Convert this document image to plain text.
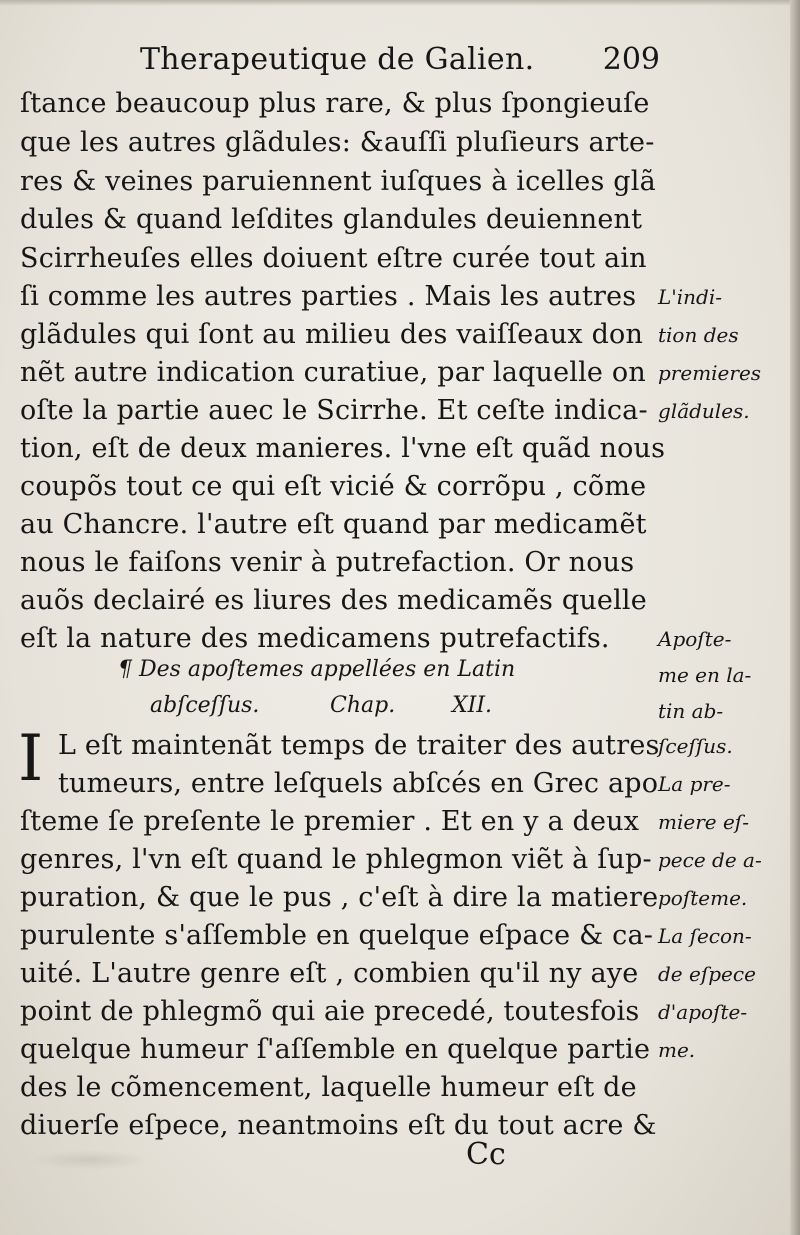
Therapeutique de Galien. 209
ſtance beaucoup plus rare, & plus ſpongieuſe
que les autres glãdules: &auſſi pluſieurs arte-
res & veines paruiennent iuſques à icelles glã
dules & quand leſdites glandules deuiennent
Scirrheuſes elles doiuent eſtre curée tout ain
ſi comme les autres parties . Mais les autres
glãdules qui ſont au milieu des vaiſſeaux don
nẽt autre indication curatiue, par laquelle on
oſte la partie auec le Scirrhe. Et ceſte indica-
tion, eſt de deux manieres. l'vne eſt quãd nous
coupõs tout ce qui eſt vicié & corrõpu , cõme
au Chancre. l'autre eſt quand par medicamẽt
nous le faiſons venir à putrefaction. Or nous
auõs declairé es liures des medicamẽs quelle
eſt la nature des medicamens putrefactifs.
¶ Des apoſtemes appellées en Latin
abſceſſus.	Chap.	XII.
I L eſt maintenãt temps de traiter des autres
tumeurs, entre leſquels abſcés en Grec apo
ſteme ſe preſente le premier . Et en y a deux
genres, l'vn eſt quand le phlegmon viẽt à ſup-
puration, & que le pus , c'eſt à dire la matiere
purulente s'aſſemble en quelque eſpace & ca-
uité. L'autre genre eſt , combien qu'il ny aye
point de phlegmõ qui aie precedé, toutesfois
quelque humeur ſ'aſſemble en quelque partie
des le cõmencement, laquelle humeur eſt de
diuerſe eſpece, neantmoins eſt du tout acre &
L'indi-
tion des
premieres
glãdules.
Apoſte-
me en la-
tin ab-
ſceſſus.
La pre-
miere eſ-
pece de a-
poſteme.
La ſecon-
de eſpece
d'apoſte-
me.
Cc
